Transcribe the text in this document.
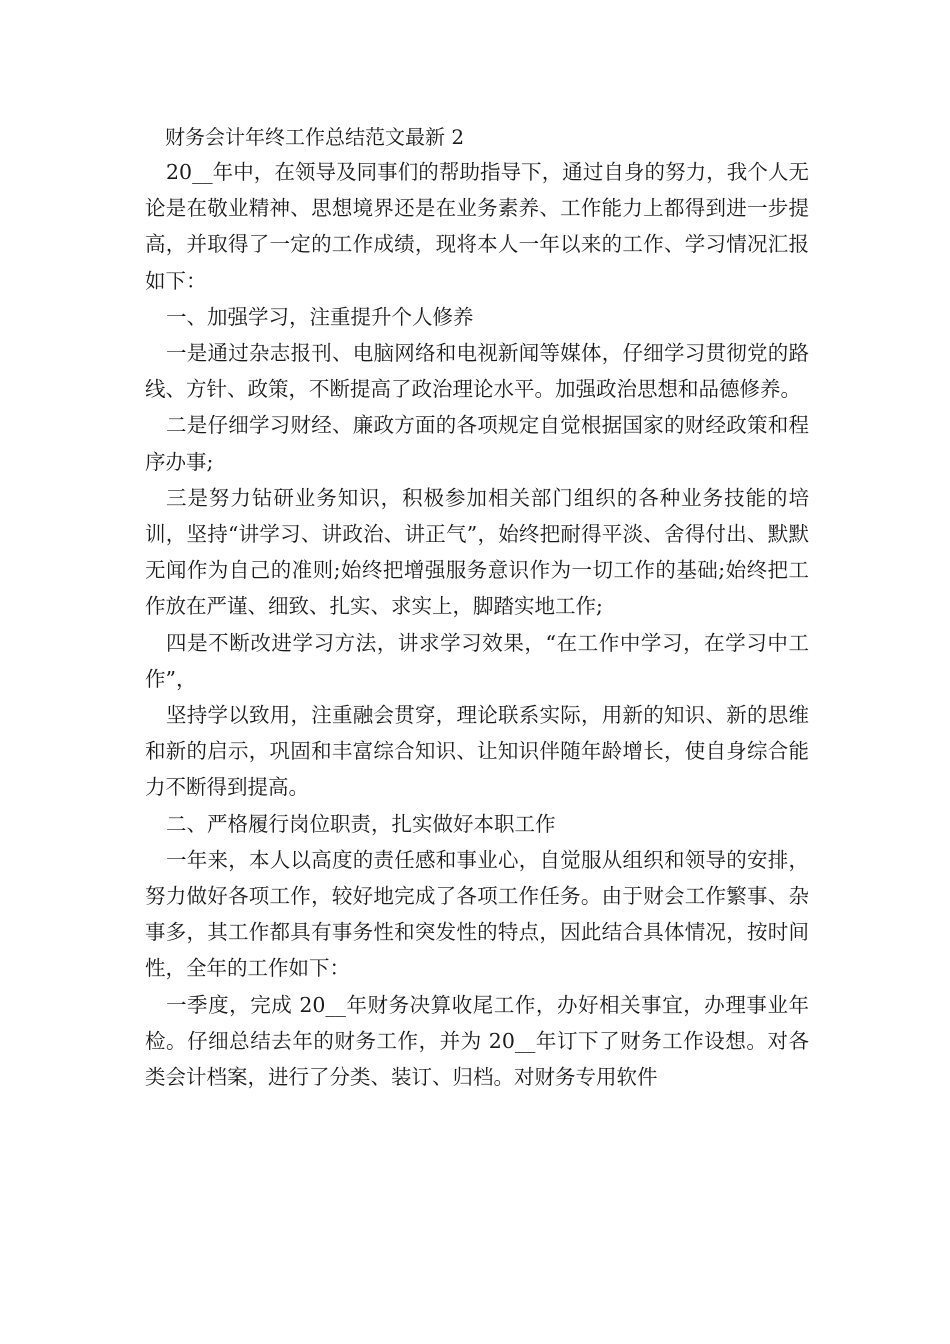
财务会计年终工作总结范文最新 2

20__年中，在领导及同事们的帮助指导下，通过自身的努力，我个人无论是在敬业精神、思想境界还是在业务素养、工作能力上都得到进一步提高，并取得了一定的工作成绩，现将本人一年以来的工作、学习情况汇报如下：

一、加强学习，注重提升个人修养

一是通过杂志报刊、电脑网络和电视新闻等媒体，仔细学习贯彻党的路线、方针、政策，不断提高了政治理论水平。加强政治思想和品德修养。

二是仔细学习财经、廉政方面的各项规定自觉根据国家的财经政策和程序办事;

三是努力钻研业务知识，积极参加相关部门组织的各种业务技能的培训，坚持“讲学习、讲政治、讲正气”，始终把耐得平淡、舍得付出、默默无闻作为自己的准则;始终把增强服务意识作为一切工作的基础;始终把工作放在严谨、细致、扎实、求实上，脚踏实地工作;

四是不断改进学习方法，讲求学习效果，“在工作中学习，在学习中工作”，

坚持学以致用，注重融会贯穿，理论联系实际，用新的知识、新的思维和新的启示，巩固和丰富综合知识、让知识伴随年龄增长，使自身综合能力不断得到提高。

二、严格履行岗位职责，扎实做好本职工作

一年来，本人以高度的责任感和事业心，自觉服从组织和领导的安排，努力做好各项工作，较好地完成了各项工作任务。由于财会工作繁事、杂事多，其工作都具有事务性和突发性的特点，因此结合具体情况，按时间性，全年的工作如下：

一季度，完成 20__年财务决算收尾工作，办好相关事宜，办理事业年检。仔细总结去年的财务工作，并为 20__年订下了财务工作设想。对各类会计档案，进行了分类、装订、归档。对财务专用软件
